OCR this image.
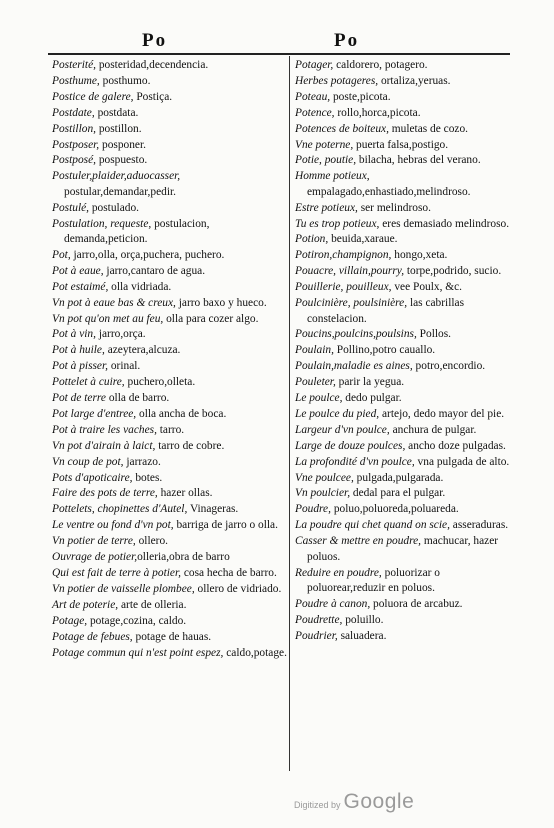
Po	Po
Posterité, posteridad,decendencia.
Posthume, posthumo.
Postice de galere, Postiça.
Postdate, postdata.
Postillon, postillon.
Postposer, posponer.
Postposé, pospuesto.
Postuler,plaider,aduocasser, postular,demandar,pedir.
Postulé, postulado.
Postulation, requeste, postulacion, demanda,peticion.
Pot, jarro,olla, orça,puchera, puchero.
Pot à eaue, jarro,cantaro de agua.
Pot estaimé, olla vidriada.
Vn pot à eaue bas & creux, jarro baxo y hueco.
Vn pot qu'on met au feu, olla para cozer algo.
Pot à vin, jarro,orça.
Pot à huile, azeytera,alcuza.
Pot à pisser, orinal.
Pottelet à cuire, puchero,olleta.
Pot de terre olla de barro.
Pot large d'entree, olla ancha de boca.
Pot à traire les vaches, tarro.
Vn pot d'airain à laict, tarro de cobre.
Vn coup de pot, jarrazo.
Pots d'apoticaire, botes.
Faire des pots de terre, hazer ollas.
Pottelets, chopinettes d'Autel, Vinageras.
Le ventre ou fond d'vn pot, barriga de jarro o olla.
Vn potier de terre, ollero.
Ouvrage de potier,olleria,obra de barro
Qui est fait de terre à potier, cosa hecha de barro.
Vn potier de vaisselle plombee, ollero de vidriado.
Art de poterie, arte de olleria.
Potage, potage,cozina, caldo.
Potage de febues, potage de hauas.
Potage commun qui n'est point espez, caldo,potage.
Potager, caldorero, potagero.
Herbes potageres, ortaliza,yeruas.
Poteau, poste,picota.
Potence, rollo,horca,picota.
Potences de boiteux, muletas de cozo.
Vne poterne, puerta falsa,postigo.
Potie, poutie, bilacha, hebras del verano.
Homme potieux, empalagado,enhastiado,melindroso.
Estre potieux, ser melindroso.
Tu es trop potieux, eres demasiado melindroso.
Potion, beuida,xaraue.
Potiron,champignon, hongo,xeta.
Pouacre, villain,pourry, torpe,podrido, sucio.
Pouillerie, pouilleux, vee Poulx, &c.
Poulcinière, poulsinière, las cabrillas constelacion.
Poucins,poulcins,poulsins, Pollos.
Poulain, Pollino,potro cauallo.
Poulain,maladie es aines, potro,encordio.
Pouleter, parir la yegua.
Le poulce, dedo pulgar.
Le poulce du pied, artejo, dedo mayor del pie.
Largeur d'vn poulce, anchura de pulgar.
Large de douze poulces, ancho doze pulgadas.
La profondité d'vn poulce, vna pulgada de alto.
Vne poulcee, pulgada,pulgarada.
Vn poulcier, dedal para el pulgar.
Poudre, poluo,poluoreda,poluareda.
La poudre qui chet quand on scie, asseraduras.
Casser & mettre en poudre, machucar, hazer poluos.
Reduire en poudre, poluorizar o poluorear,reduzir en poluos.
Poudre à canon, poluora de arcabuz.
Poudrette, poluillo.
Poudrier, saluadera.
Digitized by Google
